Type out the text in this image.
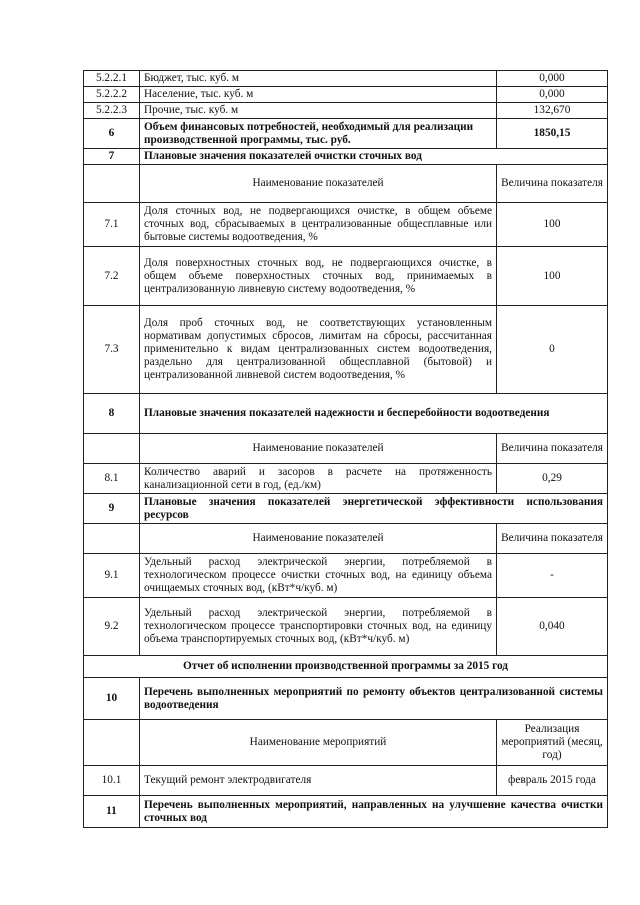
5.2.2.1	Бюджет, тыс. куб. м	0,000
5.2.2.2	Население, тыс. куб. м	0,000
5.2.2.3	Прочие, тыс. куб. м	132,670
6	Объем финансовых потребностей, необходимый для реализации производственной программы, тыс. руб.	1850,15
7	Плановые значения показателей очистки сточных вод	
	Наименование показателей	Величина показателя
7.1	Доля сточных вод, не подвергающихся очистке, в общем объеме сточных вод, сбрасываемых в централизованные общесплавные или бытовые системы водоотведения, %	100
7.2	Доля поверхностных сточных вод, не подвергающихся очистке, в общем объеме поверхностных сточных вод, принимаемых в централизованную ливневую систему водоотведения, %	100
7.3	Доля проб сточных вод, не соответствующих установленным нормативам допустимых сбросов, лимитам на сбросы, рассчитанная применительно к видам централизованных систем водоотведения, раздельно для централизованной общесплавной (бытовой) и централизованной ливневой систем водоотведения, %	0
8	Плановые значения показателей надежности и бесперебойности водоотведения	
	Наименование показателей	Величина показателя
8.1	Количество аварий и засоров в расчете на протяженность канализационной сети в год, (ед./км)	0,29
9	Плановые значения показателей энергетической эффективности использования ресурсов	
	Наименование показателей	Величина показателя
9.1	Удельный расход электрической энергии, потребляемой в технологическом процессе очистки сточных вод, на единицу объема очищаемых сточных вод, (кВт*ч/куб. м)	-
9.2	Удельный расход электрической энергии, потребляемой в технологическом процессе транспортировки сточных вод, на единицу объема транспортируемых сточных вод, (кВт*ч/куб. м)	0,040
Отчет об исполнении производственной программы за 2015 год		
10	Перечень выполненных мероприятий по ремонту объектов централизованной системы водоотведения	
	Наименование мероприятий	Реализация мероприятий (месяц, год)
10.1	Текущий ремонт электродвигателя	февраль 2015 года
11	Перечень выполненных мероприятий, направленных на улучшение качества очистки сточных вод	
